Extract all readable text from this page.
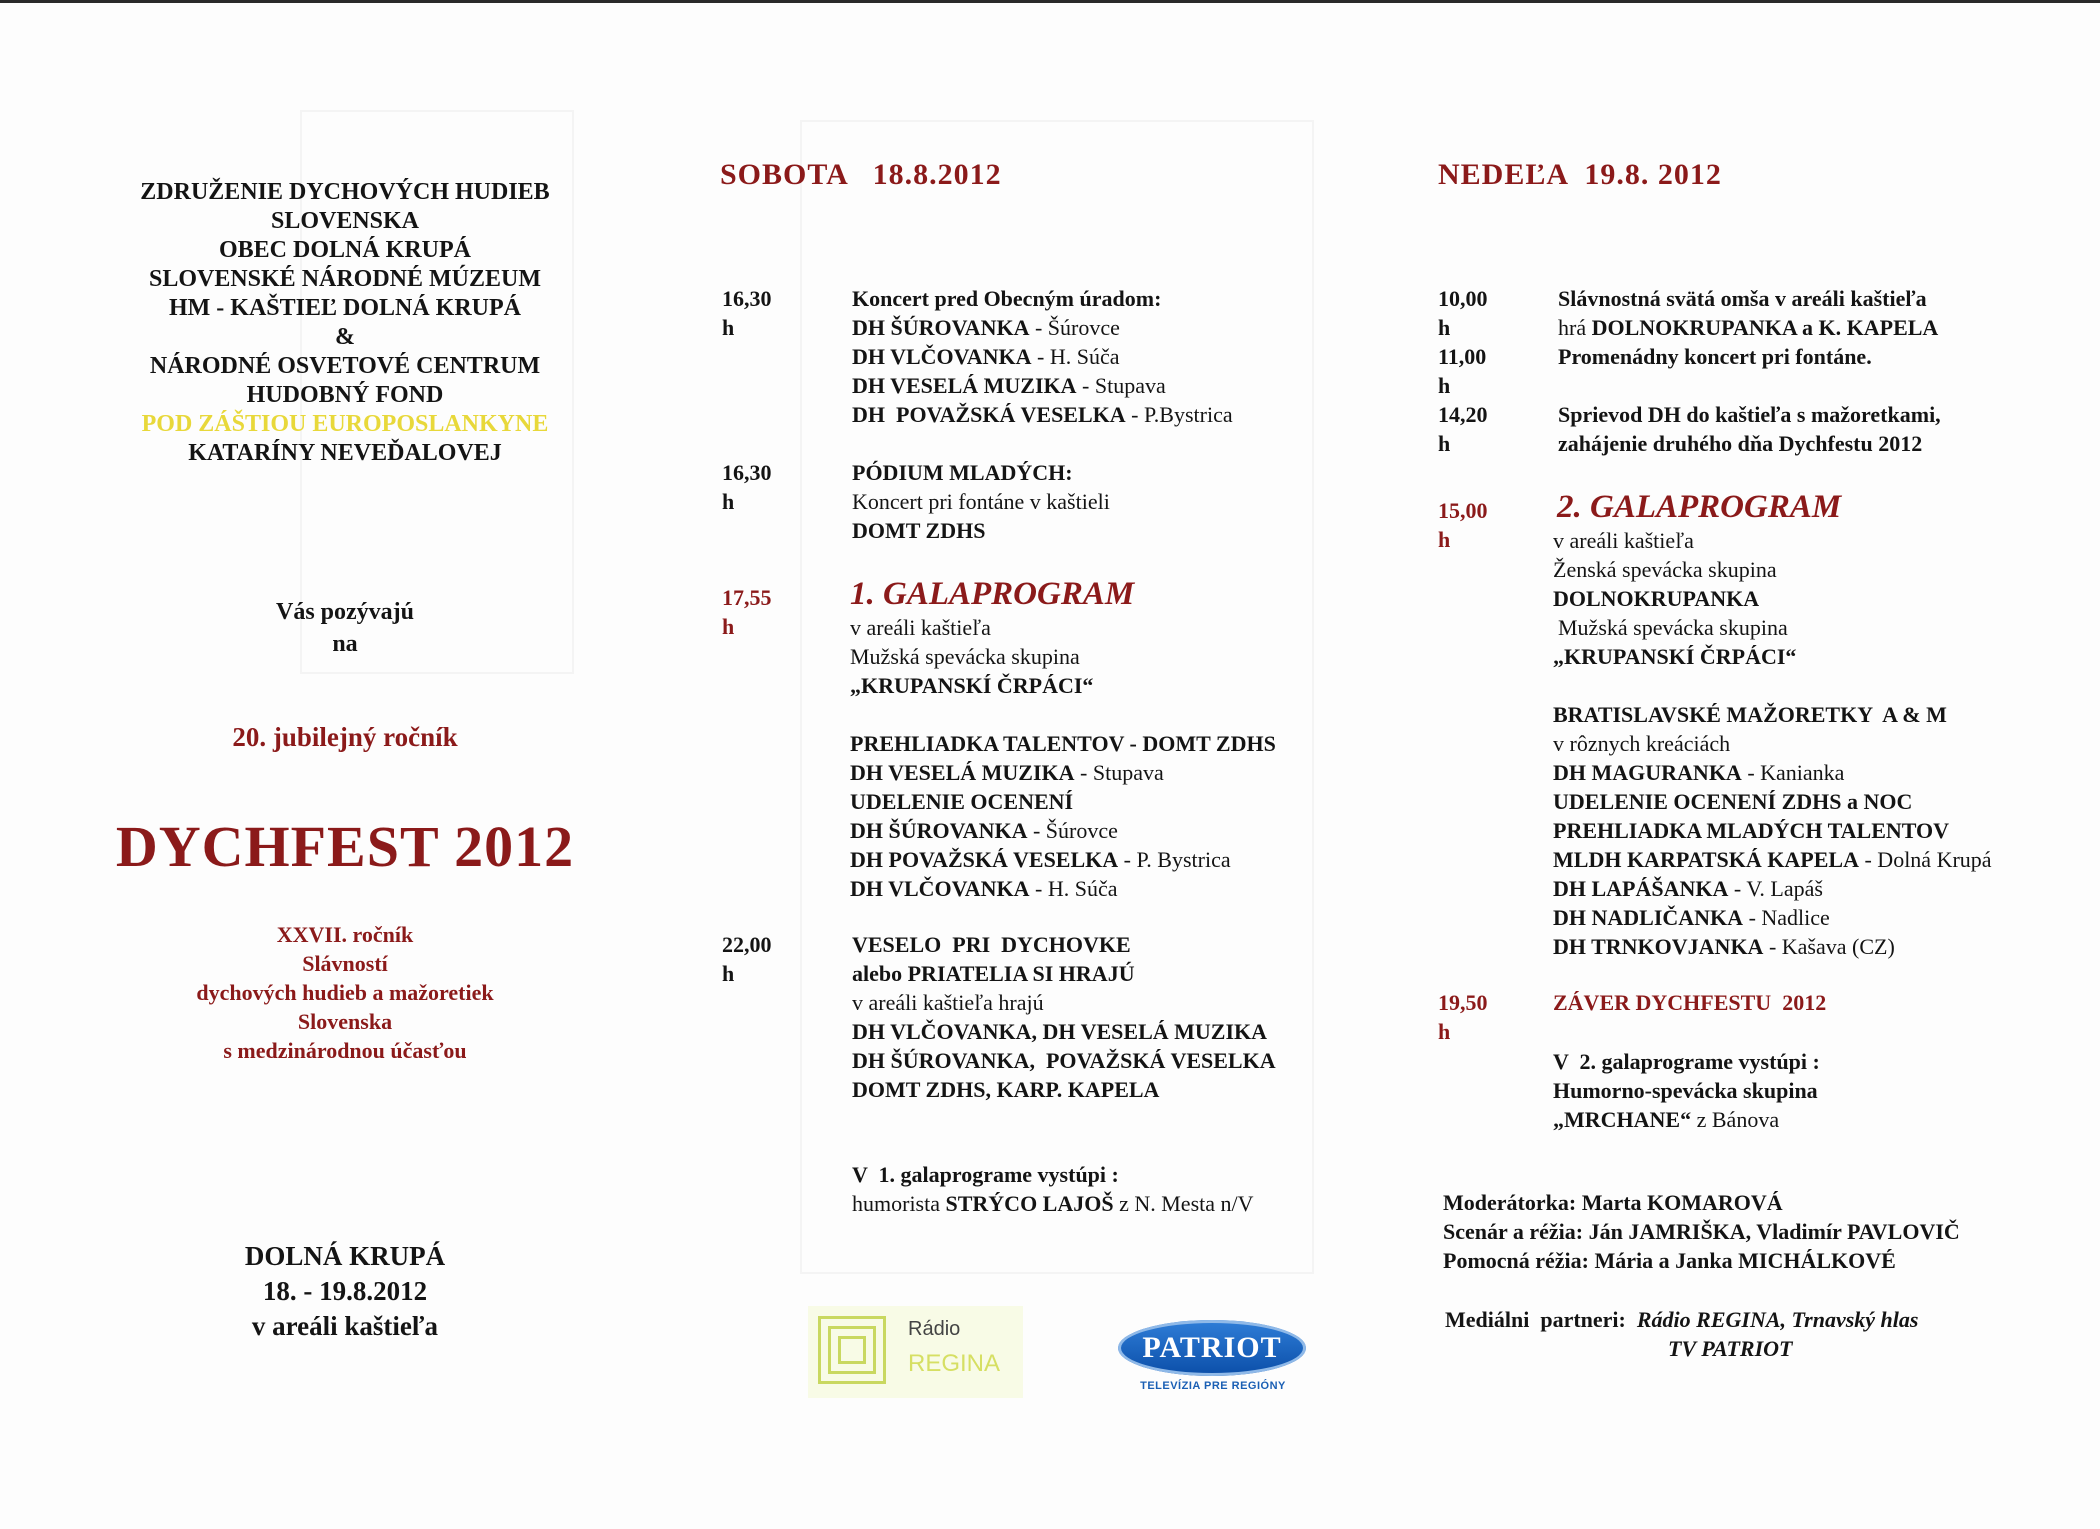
ZDRUŽENIE DYCHOVÝCH HUDIEB
SLOVENSKA
OBEC DOLNÁ KRUPÁ
SLOVENSKÉ NÁRODNÉ MÚZEUM
HM - KAŠTIEĽ DOLNÁ KRUPÁ
&
NÁRODNÉ OSVETOVÉ CENTRUM
HUDOBNÝ FOND
POD ZÁŠTIOU EUROPOSLANKYNE
KATARÍNY NEVEĎALOVEJ
Vás pozývajú
na
20. jubilejný ročník
DYCHFEST 2012
XXVII. ročník
Slávností
dychových hudieb a mažoretiek
Slovenska
s medzinárodnou účasťou
DOLNÁ KRUPÁ
18. - 19.8.2012
v areáli kaštieľa
SOBOTA   18.8.2012
16,30 h
Koncert pred Obecným úradom:
DH ŠÚROVANKA - Šúrovce
DH VLČOVANKA - H. Súča
DH VESELÁ MUZIKA - Stupava
DH  POVAŽSKÁ VESELKA - P.Bystrica
16,30 h
PÓDIUM MLADÝCH:
Koncert pri fontáne v kaštieli
DOMT ZDHS
17,55 h
1. GALAPROGRAM
v areáli kaštieľa
Mužská spevácka skupina
„KRUPANSKÍ ČRPÁCI“
PREHLIADKA TALENTOV - DOMT ZDHS
DH VESELÁ MUZIKA - Stupava
UDELENIE OCENENÍ
DH ŠÚROVANKA - Šúrovce
DH POVAŽSKÁ VESELKA - P. Bystrica
DH VLČOVANKA - H. Súča
22,00 h
VESELO  PRI  DYCHOVKE
alebo PRIATELIA SI HRAJÚ
v areáli kaštieľa hrajú
DH VLČOVANKA, DH VESELÁ MUZIKA
DH ŠÚROVANKA,  POVAŽSKÁ VESELKA
DOMT ZDHS, KARP. KAPELA
V  1. galaprograme vystúpi :
humorista STRÝCO LAJOŠ z N. Mesta n/V
NEDEĽA  19.8. 2012
10,00 h
Slávnostná svätá omša v areáli kaštieľa
hrá DOLNOKRUPANKA a K. KAPELA
11,00 h
Promenádny koncert pri fontáne.
14,20 h
Sprievod DH do kaštieľa s mažoretkami,
zahájenie druhého dňa Dychfestu 2012
15,00 h
2. GALAPROGRAM
v areáli kaštieľa
Ženská spevácka skupina
DOLNOKRUPANKA
Mužská spevácka skupina
„KRUPANSKÍ ČRPÁCI“
BRATISLAVSKÉ MAŽORETKY  A & M
v rôznych kreáciách
DH MAGURANKA - Kanianka
UDELENIE OCENENÍ ZDHS a NOC
PREHLIADKA MLADÝCH TALENTOV
MLDH KARPATSKÁ KAPELA - Dolná Krupá
DH LAPÁŠANKA - V. Lapáš
DH NADLIČANKA - Nadlice
DH TRNKOVJANKA - Kašava (CZ)
19,50 h
ZÁVER DYCHFESTU  2012
V  2. galaprograme vystúpi :
Humorno-spevácka skupina
„MRCHANE“ z Bánova
Moderátorka: Marta KOMAROVÁ
Scenár a réžia: Ján JAMRIŠKA, Vladimír PAVLOVIČ
Pomocná réžia: Mária a Janka MICHÁLKOVÉ
Mediálni  partneri: Rádio REGINA, Trnavský hlas
TV PATRIOT
Rádio
REGINA	PATRIOT
TELEVÍZIA PRE REGIÓNY
